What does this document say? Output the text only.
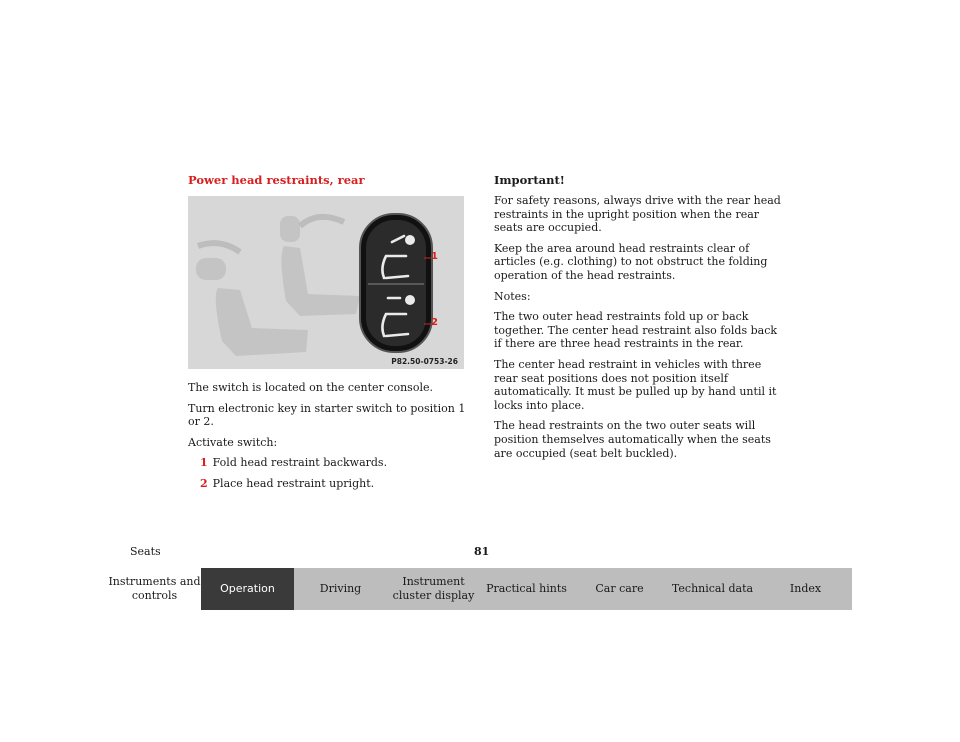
Power head restraints, rear
1
2
P82.50-0753-26

The switch is located on the center console.

Turn electronic key in starter switch to position 1 or 2.

Activate switch:

1 Fold head restraint backwards.
2 Place head restraint upright.
Important!

For safety reasons, always drive with the rear head restraints in the upright position when the rear seats are occupied.

Keep the area around head restraints clear of articles (e.g. clothing) to not obstruct the folding operation of the head restraints.

Notes:

The two outer head restraints fold up or back together. The center head restraint also folds back if there are three head restraints in the rear.

The center head restraint in vehicles with three rear seat positions does not position itself automatically. It must be pulled up by hand until it locks into place.

The head restraints on the two outer seats will position themselves automatically when the seats are occupied (seat belt buckled).

Seats	81
Instruments and controls
Operation	Driving
Instrument cluster display
Practical hints	Car care	Technical data	Index
